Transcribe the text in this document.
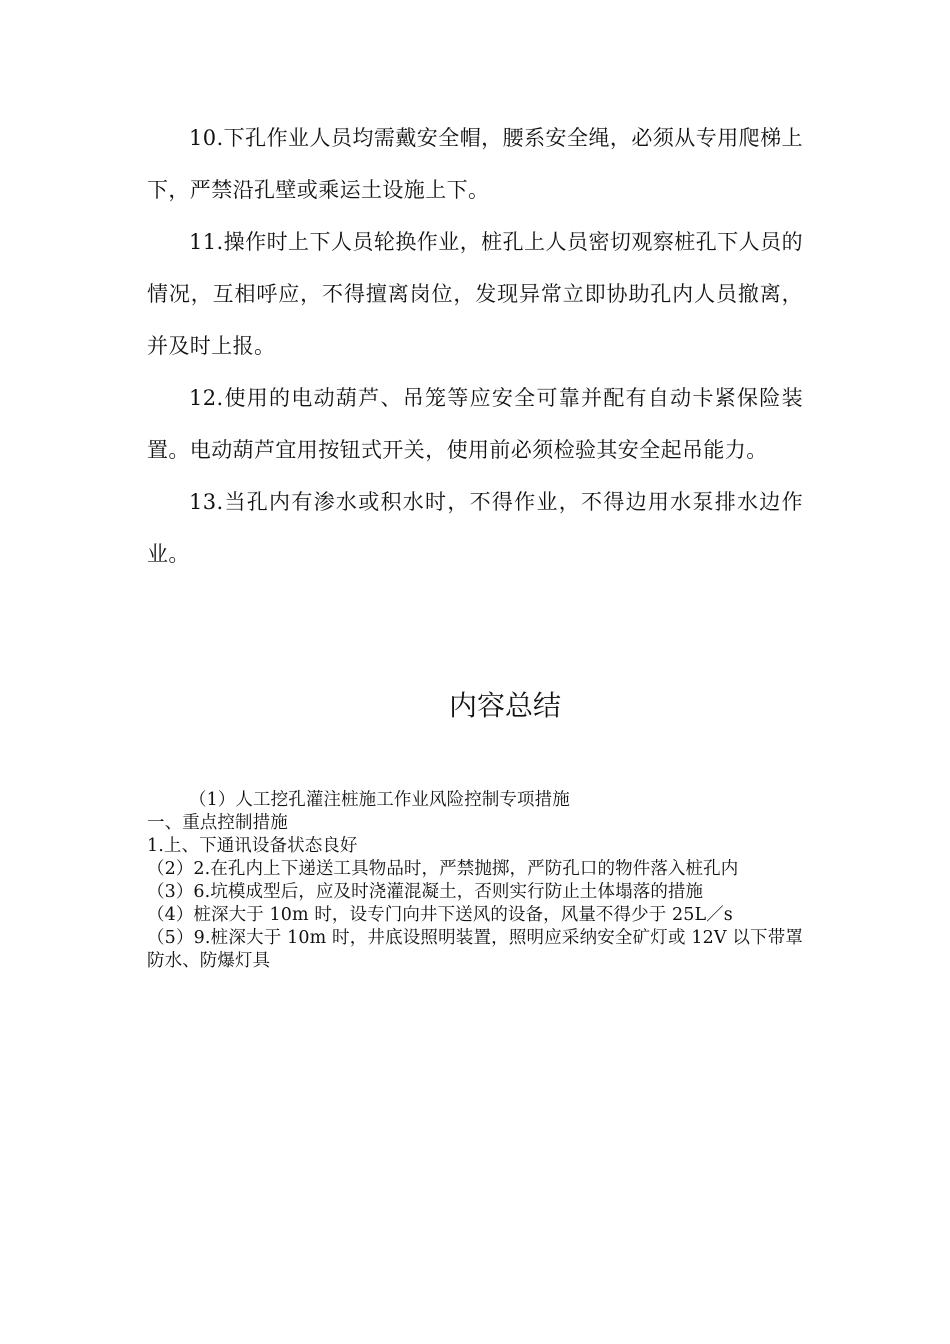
10.下孔作业人员均需戴安全帽，腰系安全绳，必须从专用爬梯上下，严禁沿孔壁或乘运土设施上下。

11.操作时上下人员轮换作业，桩孔上人员密切观察桩孔下人员的情况，互相呼应，不得擅离岗位，发现异常立即协助孔内人员撤离，并及时上报。

12.使用的电动葫芦、吊笼等应安全可靠并配有自动卡紧保险装置。电动葫芦宜用按钮式开关，使用前必须检验其安全起吊能力。

13.当孔内有渗水或积水时，不得作业，不得边用水泵排水边作业。

内容总结

（1）人工挖孔灌注桩施工作业风险控制专项措施

一、重点控制措施

1.上、下通讯设备状态良好

（2）2.在孔内上下递送工具物品时，严禁抛掷，严防孔口的物件落入桩孔内

（3）6.坑模成型后，应及时浇灌混凝土，否则实行防止土体塌落的措施

（4）桩深大于 10m 时，设专门向井下送风的设备，风量不得少于 25L／s

（5）9.桩深大于 10m 时，井底设照明装置，照明应采纳安全矿灯或 12V 以下带罩防水、防爆灯具
